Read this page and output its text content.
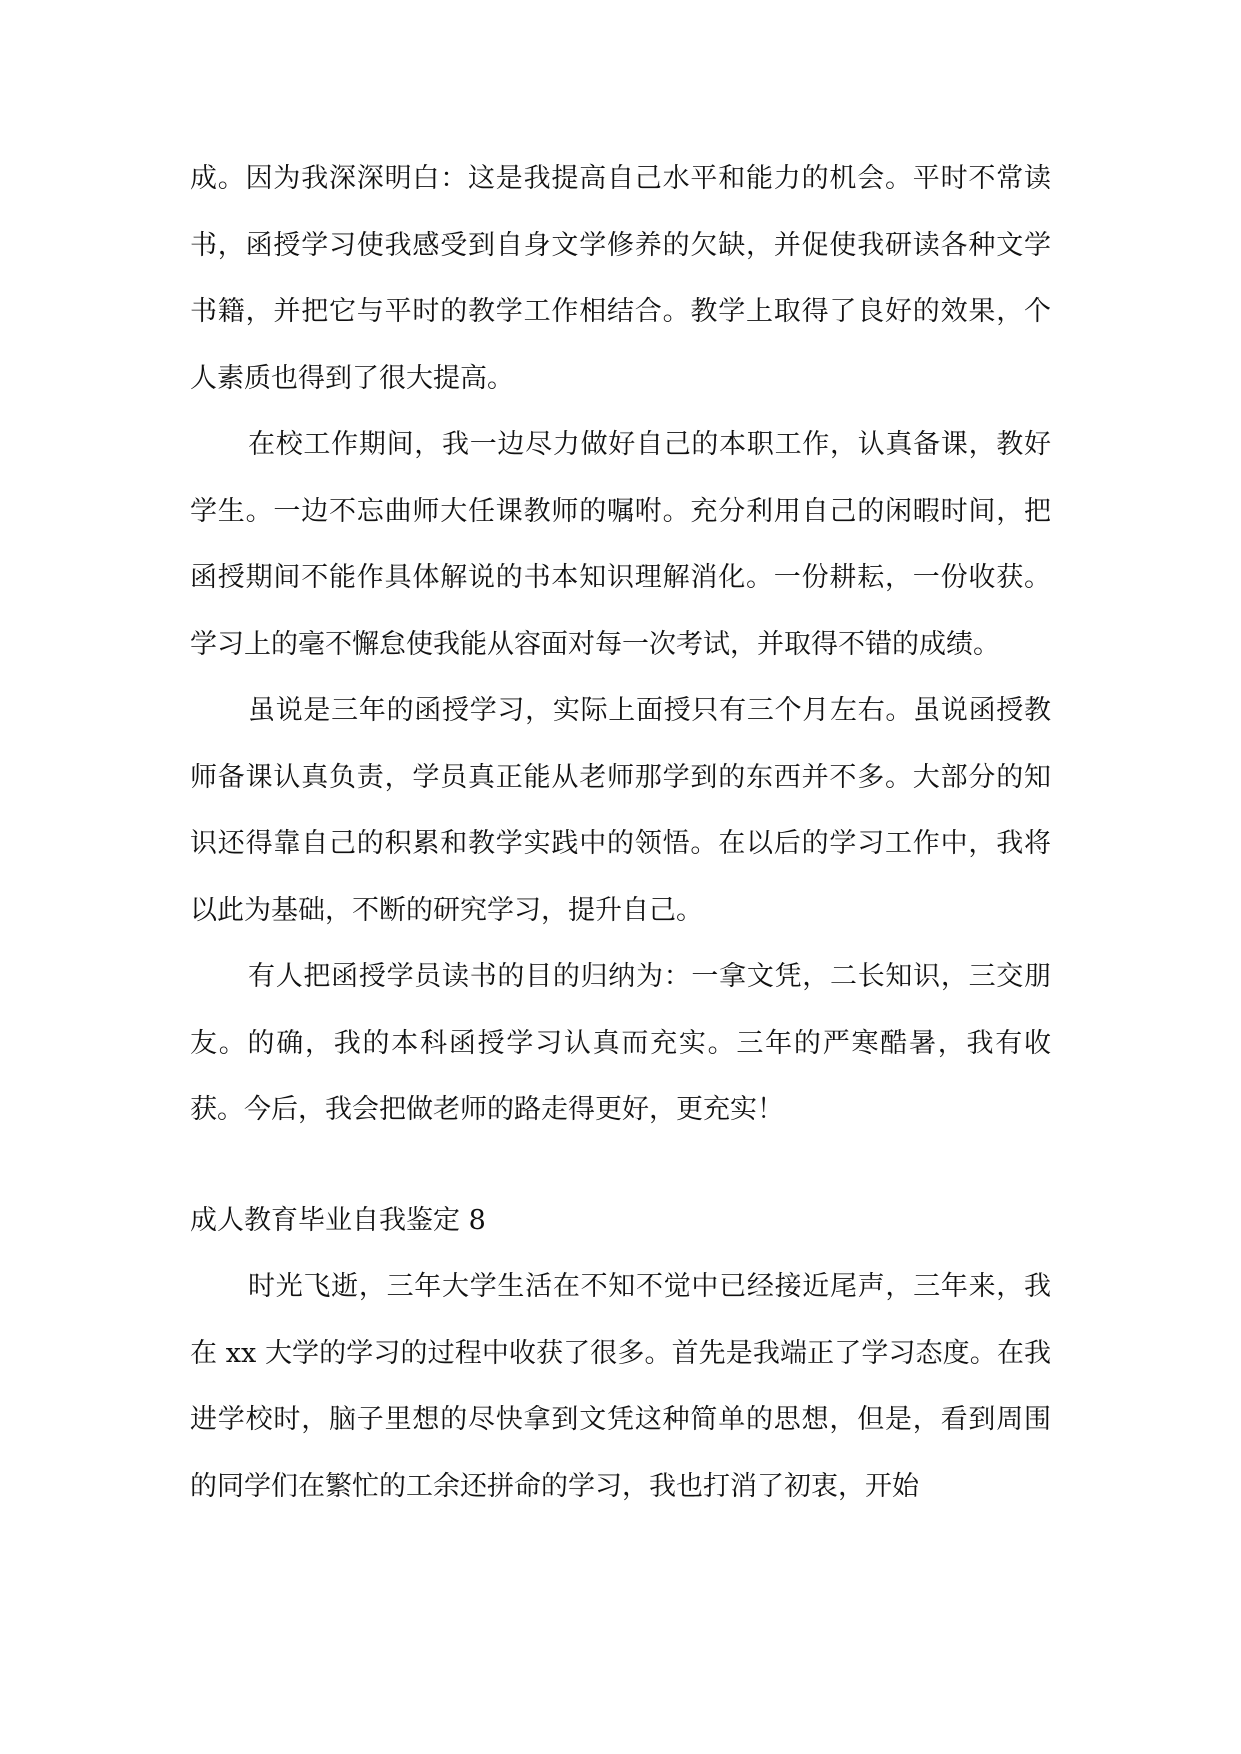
成。因为我深深明白：这是我提高自己水平和能力的机会。平时不常读书，函授学习使我感受到自身文学修养的欠缺，并促使我研读各种文学书籍，并把它与平时的教学工作相结合。教学上取得了良好的效果，个人素质也得到了很大提高。

在校工作期间，我一边尽力做好自己的本职工作，认真备课，教好学生。一边不忘曲师大任课教师的嘱咐。充分利用自己的闲暇时间，把函授期间不能作具体解说的书本知识理解消化。一份耕耘，一份收获。学习上的毫不懈怠使我能从容面对每一次考试，并取得不错的成绩。

虽说是三年的函授学习，实际上面授只有三个月左右。虽说函授教师备课认真负责，学员真正能从老师那学到的东西并不多。大部分的知识还得靠自己的积累和教学实践中的领悟。在以后的学习工作中，我将以此为基础，不断的研究学习，提升自己。

有人把函授学员读书的目的归纳为：一拿文凭，二长知识，三交朋友。的确，我的本科函授学习认真而充实。三年的严寒酷暑，我有收获。今后，我会把做老师的路走得更好，更充实！

成人教育毕业自我鉴定 8

时光飞逝，三年大学生活在不知不觉中已经接近尾声，三年来，我在 xx 大学的学习的过程中收获了很多。首先是我端正了学习态度。在我进学校时，脑子里想的尽快拿到文凭这种简单的思想，但是，看到周围的同学们在繁忙的工余还拼命的学习，我也打消了初衷，开始
